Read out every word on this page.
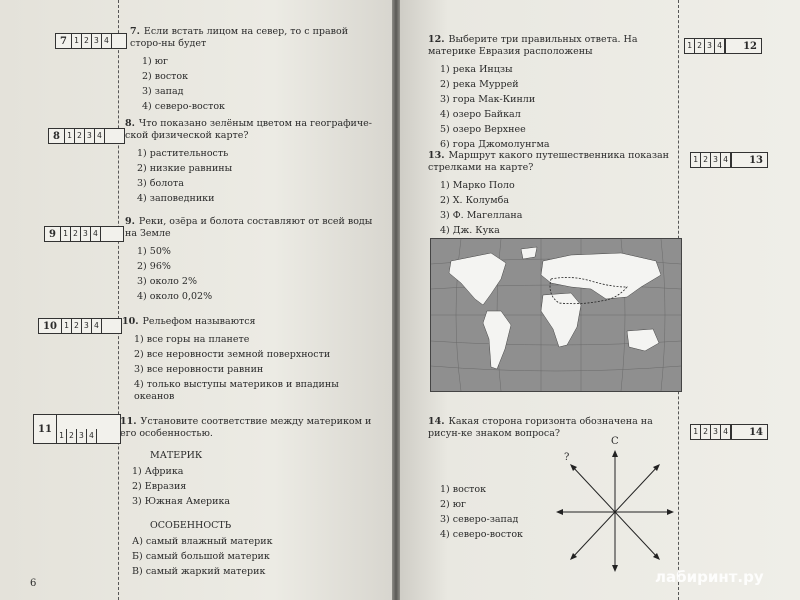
7 1 2 3 4
7. Если встать лицом на север, то с правой сторо-ны будет
1) юг
2) восток
3) запад
4) северо-восток
8 1 2 3 4
8. Что показано зелёным цветом на географиче-ской физической карте?
1) растительность
2) низкие равнины
3) болота
4) заповедники
9 1 2 3 4
9. Реки, озёра и болота составляют от всей воды на Земле
1) 50%
2) 96%
3) около 2%
4) около 0,02%
10 1 2 3 4	10. Рельефом называются
1) все горы на планете
2) все неровности земной поверхности
3) все неровности равнин
4) только выступы материков и впадины океанов
11
1 2 3 4
11. Установите соответствие между материком и его особенностью.
МАТЕРИК
1) Африка
2) Евразия
3) Южная Америка
ОСОБЕННОСТЬ
А) самый влажный материк
Б) самый большой материк
В) самый жаркий материк
6
12. Выберите три правильных ответа. На материке Евразия расположены
1) река Инцзы
2) река Муррей
3) гора Мак-Кинли
4) озеро Байкал
5) озеро Верхнее
6) гора Джомолунгма
1 2 3 4	12
13. Маршрут какого путешественника показан стрелками на карте?
1) Марко Поло
2) Х. Колумба
3) Ф. Магеллана
4) Дж. Кука
1 2 3 4	13
14. Какая сторона горизонта обозначена на рисун-ке знаком вопроса?
1) восток
2) юг
3) северо-запад
4) северо-восток
1 2 3 4	14
С
?
лабиринт.ру
